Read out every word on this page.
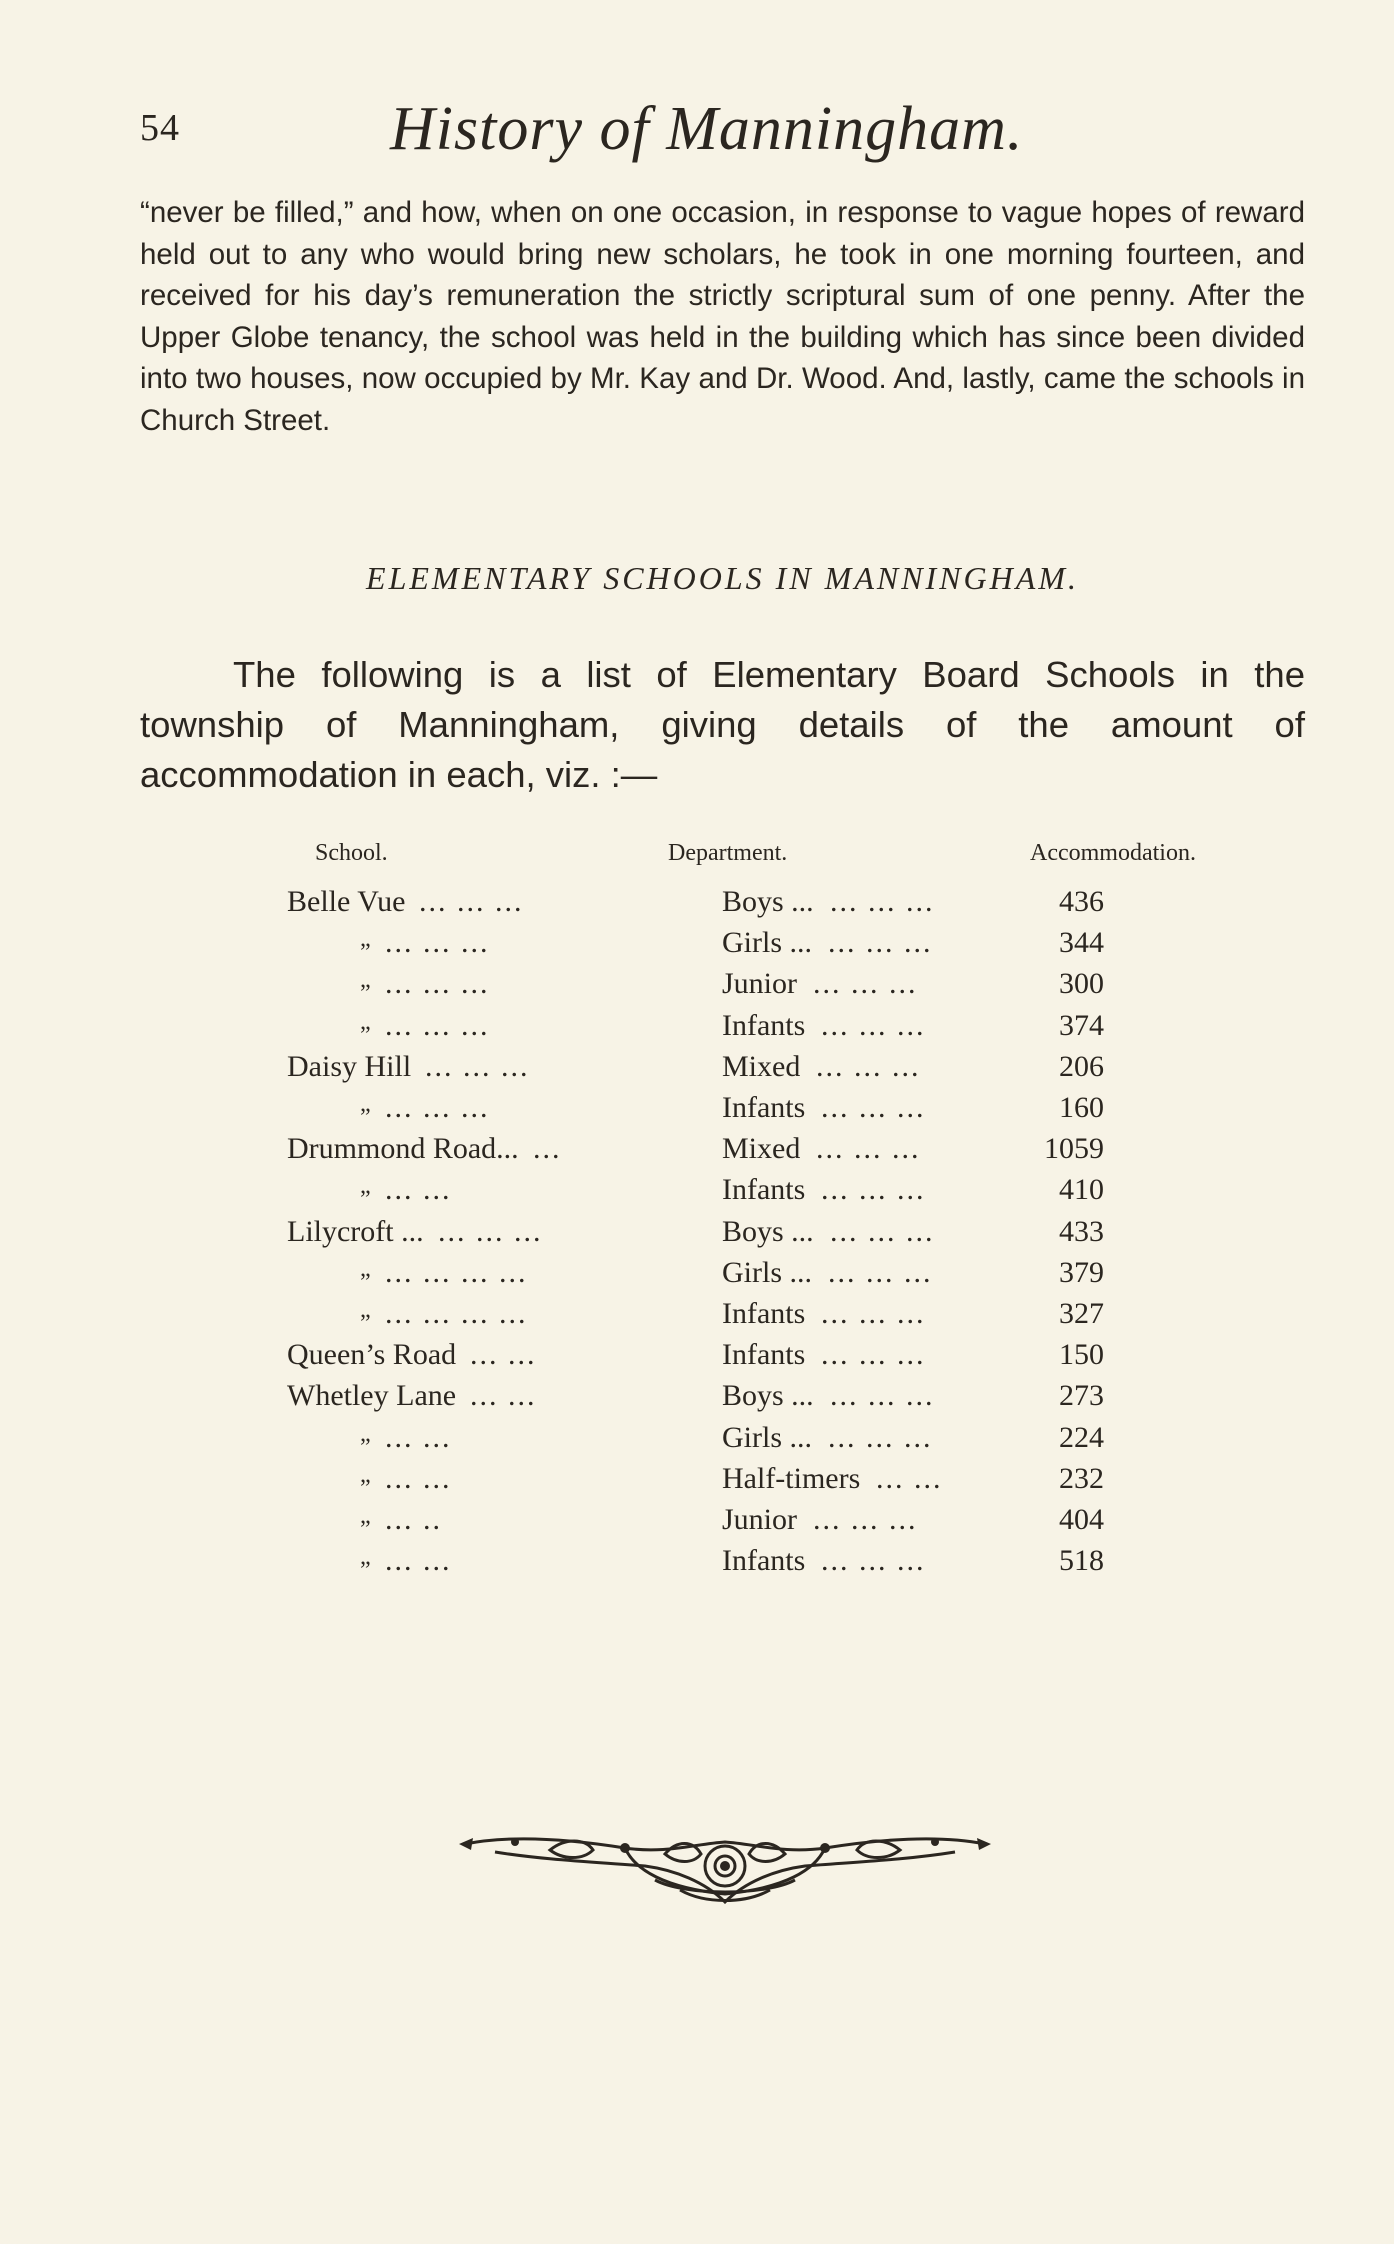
54	History of Manningham.

“never be filled,” and how, when on one occasion, in response to vague hopes of reward held out to any who would bring new scholars, he took in one morning fourteen, and received for his day’s remuneration the strictly scriptural sum of one penny. After the Upper Globe tenancy, the school was held in the building which has since been divided into two houses, now occupied by Mr. Kay and Dr. Wood. And, lastly, came the schools in Church Street.

ELEMENTARY SCHOOLS IN MANNINGHAM.

The following is a list of Elementary Board Schools in the township of Manningham, giving details of the amount of accommodation in each, viz. :—

School.	Department.	Accommodation.
Belle Vue ... ... ...	Boys ... ... ... ...	436
„ ... ... ...	Girls ... ... ... ...	344
„ ... ... ...	Junior ... ... ...	300
„ ... ... ...	Infants ... ... ...	374
Daisy Hill ... ... ...	Mixed ... ... ...	206
„ ... ... ...	Infants ... ... ...	160
Drummond Road... ...	Mixed ... ... ...	1059
„ ... ...	Infants ... ... ...	410
Lilycroft ... ... ... ...	Boys ... ... ... ...	433
„ ... ... ... ...	Girls ... ... ... ...	379
„ ... ... ... ...	Infants ... ... ...	327
Queen’s Road ... ...	Infants ... ... ...	150
Whetley Lane ... ...	Boys ... ... ... ...	273
„ ... ...	Girls ... ... ... ...	224
„ ... ...	Half-timers ... ...	232
„ ... ..	Junior ... ... ...	404
„ ... ...	Infants ... ... ...	518
